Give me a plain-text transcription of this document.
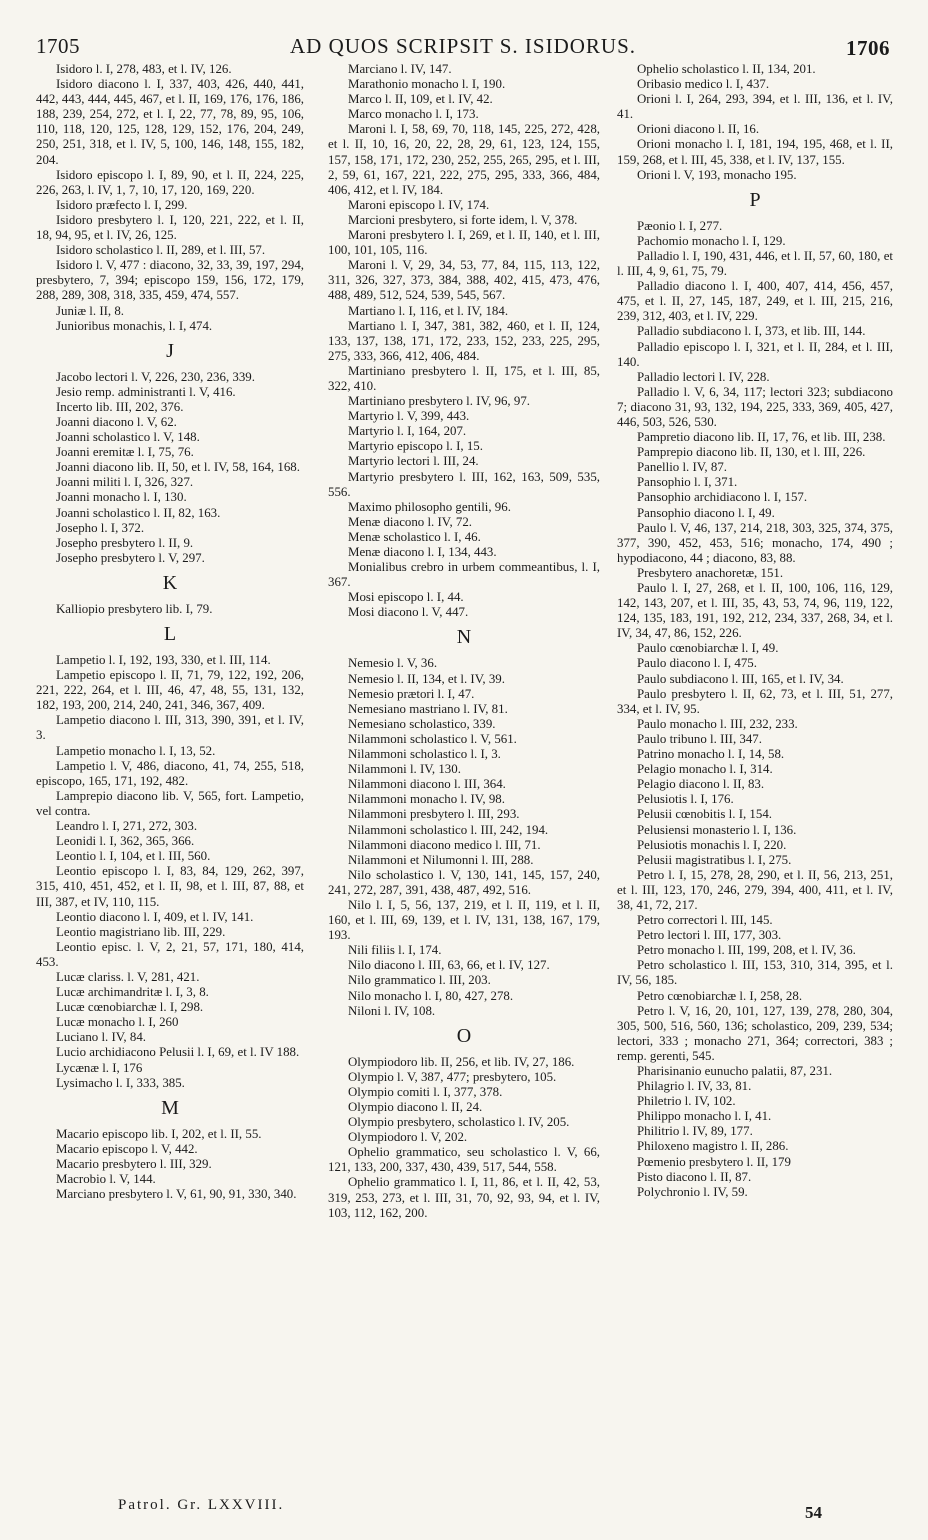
AD QUOS SCRIPSIT S. ISIDORUS.
1705	1706
Isidoro l. I, 278, 483, et l. IV, 126.
Isidoro diacono l. I, 337, 403, 426, 440, 441, 442, 443, 444, 445, 467, et l. II, 169, 176, 176, 186, 188, 239, 254, 272, et l. I, 22, 77, 78, 89, 95, 106, 110, 118, 120, 125, 128, 129, 152, 176, 204, 249, 250, 251, 318, et l. IV, 5, 100, 146, 148, 155, 182, 204.
Isidoro episcopo l. I, 89, 90, et l. II, 224, 225, 226, 263, l. IV, 1, 7, 10, 17, 120, 169, 220.
Isidoro præfecto l. I, 299.
Isidoro presbytero l. I, 120, 221, 222, et l. II, 18, 94, 95, et l. IV, 26, 125.
Isidoro scholastico l. II, 289, et l. III, 57.
Isidoro l. V, 477 : diacono, 32, 33, 39, 197, 294, presbytero, 7, 394; episcopo 159, 156, 172, 179, 288, 289, 308, 318, 335, 459, 474, 557.
Juniæ l. II, 8.
Junioribus monachis, l. I, 474.
J
Jacobo lectori l. V, 226, 230, 236, 339.
Jesio remp. administranti l. V, 416.
Incerto lib. III, 202, 376.
Joanni diacono l. V, 62.
Joanni scholastico l. V, 148.
Joanni eremitæ l. I, 75, 76.
Joanni diacono lib. II, 50, et l. IV, 58, 164, 168.
Joanni militi l. I, 326, 327.
Joanni monacho l. I, 130.
Joanni scholastico l. II, 82, 163.
Josepho l. I, 372.
Josepho presbytero l. II, 9.
Josepho presbytero l. V, 297.
K
Kalliopio presbytero lib. I, 79.
L
Lampetio l. I, 192, 193, 330, et l. III, 114.
Lampetio episcopo l. II, 71, 79, 122, 192, 206, 221, 222, 264, et l. III, 46, 47, 48, 55, 131, 132, 182, 193, 200, 214, 240, 241, 346, 367, 409.
Lampetio diacono l. III, 313, 390, 391, et l. IV, 3.
Lampetio monacho l. I, 13, 52.
Lampetio l. V, 486, diacono, 41, 74, 255, 518, episcopo, 165, 171, 192, 482.
Lamprepio diacono lib. V, 565, fort. Lampetio, vel contra.
Leandro l. I, 271, 272, 303.
Leonidi l. I, 362, 365, 366.
Leontio l. I, 104, et l. III, 560.
Leontio episcopo l. I, 83, 84, 129, 262, 397, 315, 410, 451, 452, et l. II, 98, et l. III, 87, 88, et III, 387, et IV, 110, 115.
Leontio diacono l. I, 409, et l. IV, 141.
Leontio magistriano lib. III, 229.
Leontio episc. l. V, 2, 21, 57, 171, 180, 414, 453.
Lucæ clariss. l. V, 281, 421.
Lucæ archimandritæ l. I, 3, 8.
Lucæ cœnobiarchæ l. I, 298.
Lucæ monacho l. I, 260
Luciano l. IV, 84.
Lucio archidiacono Pelusii l. I, 69, et l. IV 188.
Lycænæ l. I, 176
Lysimacho l. I, 333, 385.
M
Macario episcopo lib. I, 202, et l. II, 55.
Macario episcopo l. V, 442.
Macario presbytero l. III, 329.
Macrobio l. V, 144.
Marciano presbytero l. V, 61, 90, 91, 330, 340.
Marciano l. IV, 147.
Marathonio monacho l. I, 190.
Marco l. II, 109, et l. IV, 42.
Marco monacho l. I, 173.
Maroni l. I, 58, 69, 70, 118, 145, 225, 272, 428, et l. II, 10, 16, 20, 22, 28, 29, 61, 123, 124, 155, 157, 158, 171, 172, 230, 252, 255, 265, 295, et l. III, 2, 59, 61, 167, 221, 222, 275, 295, 333, 366, 484, 406, 412, et l. IV, 184.
Maroni episcopo l. IV, 174.
Marcioni presbytero, si forte idem, l. V, 378.
Maroni presbytero l. I, 269, et l. II, 140, et l. III, 100, 101, 105, 116.
Maroni l. V, 29, 34, 53, 77, 84, 115, 113, 122, 311, 326, 327, 373, 384, 388, 402, 415, 473, 476, 488, 489, 512, 524, 539, 545, 567.
Martiano l. I, 116, et l. IV, 184.
Martiano l. I, 347, 381, 382, 460, et l. II, 124, 133, 137, 138, 171, 172, 233, 152, 233, 225, 295, 275, 333, 366, 412, 406, 484.
Martiniano presbytero l. II, 175, et l. III, 85, 322, 410.
Martiniano presbytero l. IV, 96, 97.
Martyrio l. V, 399, 443.
Martyrio l. I, 164, 207.
Martyrio episcopo l. I, 15.
Martyrio lectori l. III, 24.
Martyrio presbytero l. III, 162, 163, 509, 535, 556.
Maximo philosopho gentili, 96.
Menæ diacono l. IV, 72.
Menæ scholastico l. I, 46.
Menæ diacono l. I, 134, 443.
Monialibus crebro in urbem commeantibus, l. I, 367.
Mosi episcopo l. I, 44.
Mosi diacono l. V, 447.
N
Nemesio l. V, 36.
Nemesio l. II, 134, et l. IV, 39.
Nemesio prætori l. I, 47.
Nemesiano mastriano l. IV, 81.
Nemesiano scholastico, 339.
Nilammoni scholastico l. V, 561.
Nilammoni scholastico l. I, 3.
Nilammoni l. IV, 130.
Nilammoni diacono l. III, 364.
Nilammoni monacho l. IV, 98.
Nilammoni presbytero l. III, 293.
Nilammoni scholastico l. III, 242, 194.
Nilammoni diacono medico l. III, 71.
Nilammoni et Nilumonni l. III, 288.
Nilo scholastico l. V, 130, 141, 145, 157, 240, 241, 272, 287, 391, 438, 487, 492, 516.
Nilo l. I, 5, 56, 137, 219, et l. II, 119, et l. II, 160, et l. III, 69, 139, et l. IV, 131, 138, 167, 179, 193.
Nili filiis l. I, 174.
Nilo diacono l. III, 63, 66, et l. IV, 127.
Nilo grammatico l. III, 203.
Nilo monacho l. I, 80, 427, 278.
Niloni l. IV, 108.
O
Olympiodoro lib. II, 256, et lib. IV, 27, 186.
Olympio l. V, 387, 477; presbytero, 105.
Olympio comiti l. I, 377, 378.
Olympio diacono l. II, 24.
Olympio presbytero, scholastico l. IV, 205.
Olympiodoro l. V, 202.
Ophelio grammatico, seu scholastico l. V, 66, 121, 133, 200, 337, 430, 439, 517, 544, 558.
Ophelio grammatico l. I, 11, 86, et l. II, 42, 53, 319, 253, 273, et l. III, 31, 70, 92, 93, 94, et l. IV, 103, 112, 162, 200.
Ophelio scholastico l. II, 134, 201.
Oribasio medico l. I, 437.
Orioni l. I, 264, 293, 394, et l. III, 136, et l. IV, 41.
Orioni diacono l. II, 16.
Orioni monacho l. I, 181, 194, 195, 468, et l. II, 159, 268, et l. III, 45, 338, et l. IV, 137, 155.
Orioni l. V, 193, monacho 195.
P
Pæonio l. I, 277.
Pachomio monacho l. I, 129.
Palladio l. I, 190, 431, 446, et l. II, 57, 60, 180, et l. III, 4, 9, 61, 75, 79.
Palladio diacono l. I, 400, 407, 414, 456, 457, 475, et l. II, 27, 145, 187, 249, et l. III, 215, 216, 239, 312, 403, et l. IV, 229.
Palladio subdiacono l. I, 373, et lib. III, 144.
Palladio episcopo l. I, 321, et l. II, 284, et l. III, 140.
Palladio lectori l. IV, 228.
Palladio l. V, 6, 34, 117; lectori 323; subdiacono 7; diacono 31, 93, 132, 194, 225, 333, 369, 405, 427, 446, 503, 526, 530.
Pampretio diacono lib. II, 17, 76, et lib. III, 238.
Pamprepio diacono lib. II, 130, et l. III, 226.
Panellio l. IV, 87.
Pansophio l. I, 371.
Pansophio archidiacono l. I, 157.
Pansophio diacono l. I, 49.
Paulo l. V, 46, 137, 214, 218, 303, 325, 374, 375, 377, 390, 452, 453, 516; monacho, 174, 490 ; hypodiacono, 44 ; diacono, 83, 88.
Presbytero anachoretæ, 151.
Paulo l. I, 27, 268, et l. II, 100, 106, 116, 129, 142, 143, 207, et l. III, 35, 43, 53, 74, 96, 119, 122, 124, 135, 183, 191, 192, 212, 234, 337, 268, 34, et l. IV, 34, 47, 86, 152, 226.
Paulo cœnobiarchæ l. I, 49.
Paulo diacono l. I, 475.
Paulo subdiacono l. III, 165, et l. IV, 34.
Paulo presbytero l. II, 62, 73, et l. III, 51, 277, 334, et l. IV, 95.
Paulo monacho l. III, 232, 233.
Paulo tribuno l. III, 347.
Patrino monacho l. I, 14, 58.
Pelagio monacho l. I, 314.
Pelagio diacono l. II, 83.
Pelusiotis l. I, 176.
Pelusii cœnobitis l. I, 154.
Pelusiensi monasterio l. I, 136.
Pelusiotis monachis l. I, 220.
Pelusii magistratibus l. I, 275.
Petro l. I, 15, 278, 28, 290, et l. II, 56, 213, 251, et l. III, 123, 170, 246, 279, 394, 400, 411, et l. IV, 38, 41, 72, 217.
Petro correctori l. III, 145.
Petro lectori l. III, 177, 303.
Petro monacho l. III, 199, 208, et l. IV, 36.
Petro scholastico l. III, 153, 310, 314, 395, et l. IV, 56, 185.
Petro cœnobiarchæ l. I, 258, 28.
Petro l. V, 16, 20, 101, 127, 139, 278, 280, 304, 305, 500, 516, 560, 136; scholastico, 209, 239, 534; lectori, 333 ; monacho 271, 364; correctori, 383 ; remp. gerenti, 545.
Pharisinanio eunucho palatii, 87, 231.
Philagrio l. IV, 33, 81.
Philetrio l. IV, 102.
Philippo monacho l. I, 41.
Philitrio l. IV, 89, 177.
Philoxeno magistro l. II, 286.
Pœmenio presbytero l. II, 179
Pisto diacono l. II, 87.
Polychronio l. IV, 59.
Patrol. Gr. LXXVIII.	54
